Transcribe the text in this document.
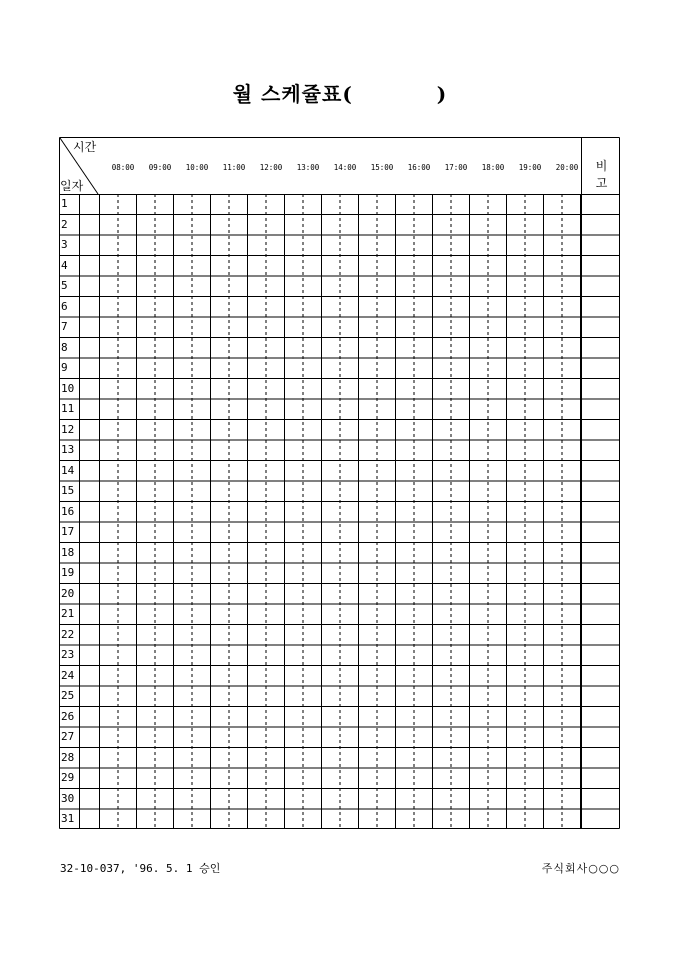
월 스케쥴표(	)
시간
일자
비 고
1
2
3
4
5
6
7
8
9
10
11
12
13
14
15
16
17
18
19
20
21
22
23
24
25
26
27
28
29
30
31
08:00 09:00 10:00 11:00 12:00 13:00 14:00 15:00 16:00 17:00 18:00 19:00 20:00
32-10-037, '96. 5. 1 승인	주식회사○○○
